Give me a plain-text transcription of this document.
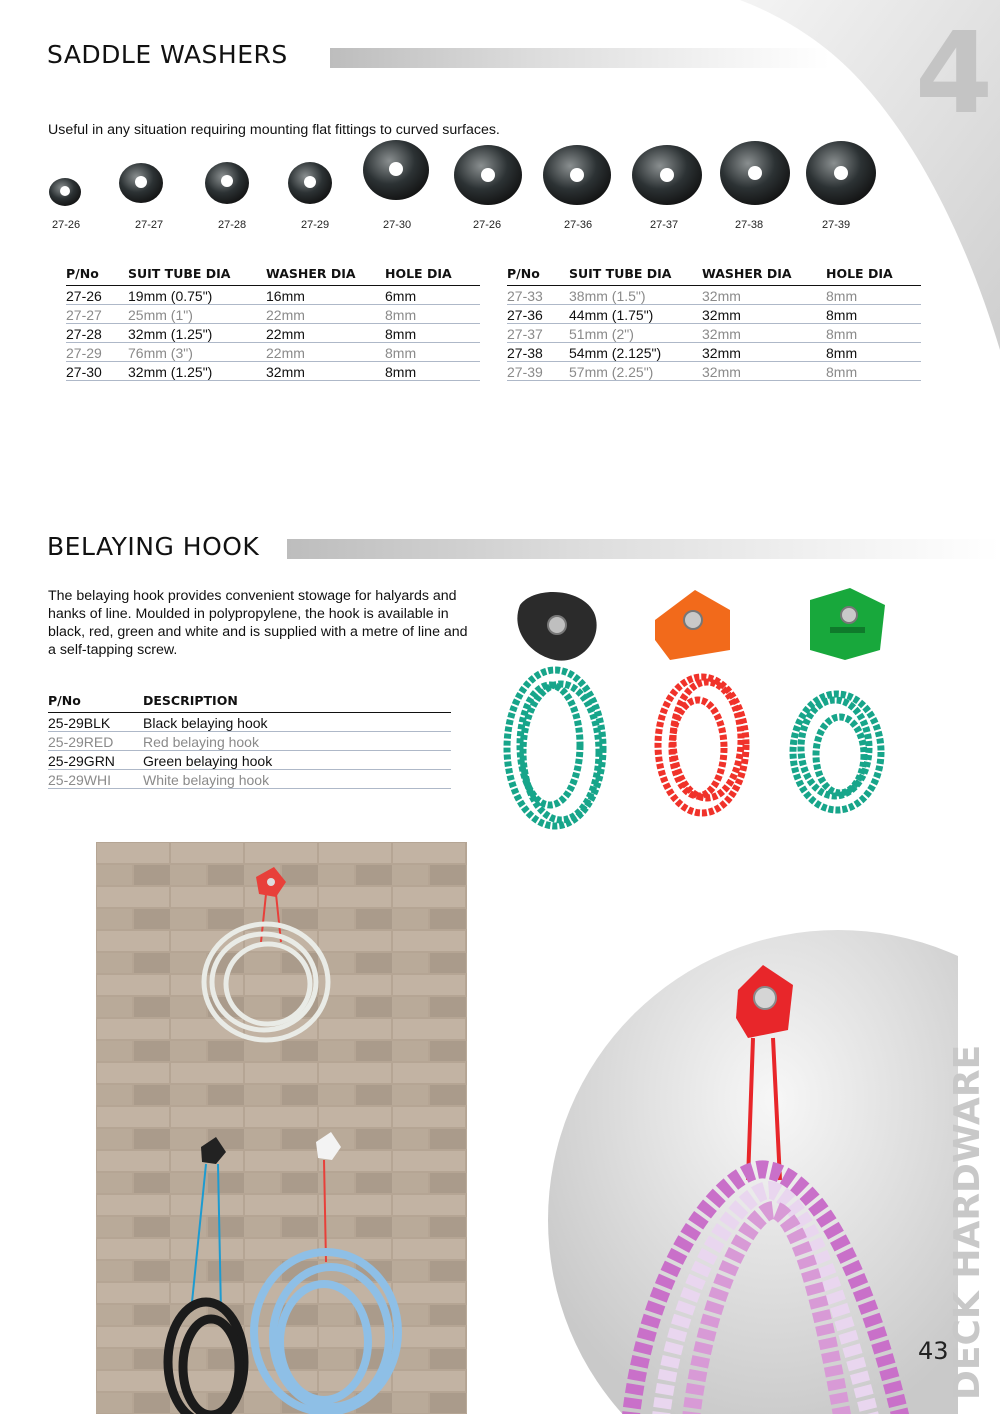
4
SADDLE WASHERS
Useful in any situation requiring mounting flat fittings to curved surfaces.
27-26	27-27	27-28	27-29	27-30	27-26	27-36	27-37	27-38	27-39
P/No	SUIT TUBE DIA	WASHER DIA	HOLE DIA
27-26	19mm (0.75")	16mm	6mm
27-27	25mm (1")	22mm	8mm
27-28	32mm (1.25")	22mm	8mm
27-29	76mm (3")	22mm	8mm
27-30	32mm (1.25")	32mm	8mm
P/No	SUIT TUBE DIA	WASHER DIA	HOLE DIA
27-33	38mm (1.5")	32mm	8mm
27-36	44mm (1.75")	32mm	8mm
27-37	51mm (2")	32mm	8mm
27-38	54mm (2.125")	32mm	8mm
27-39	57mm (2.25")	32mm	8mm
BELAYING HOOK
The belaying hook provides convenient stowage for halyards and hanks of line. Moulded in polypropylene, the hook is available in black, red, green and white and is supplied with a metre of line and a self-tapping screw.
P/No	DESCRIPTION
25-29BLK	Black belaying hook
25-29RED	Red belaying hook
25-29GRN	Green belaying hook
25-29WHI	White belaying hook
43
DECK HARDWARE
